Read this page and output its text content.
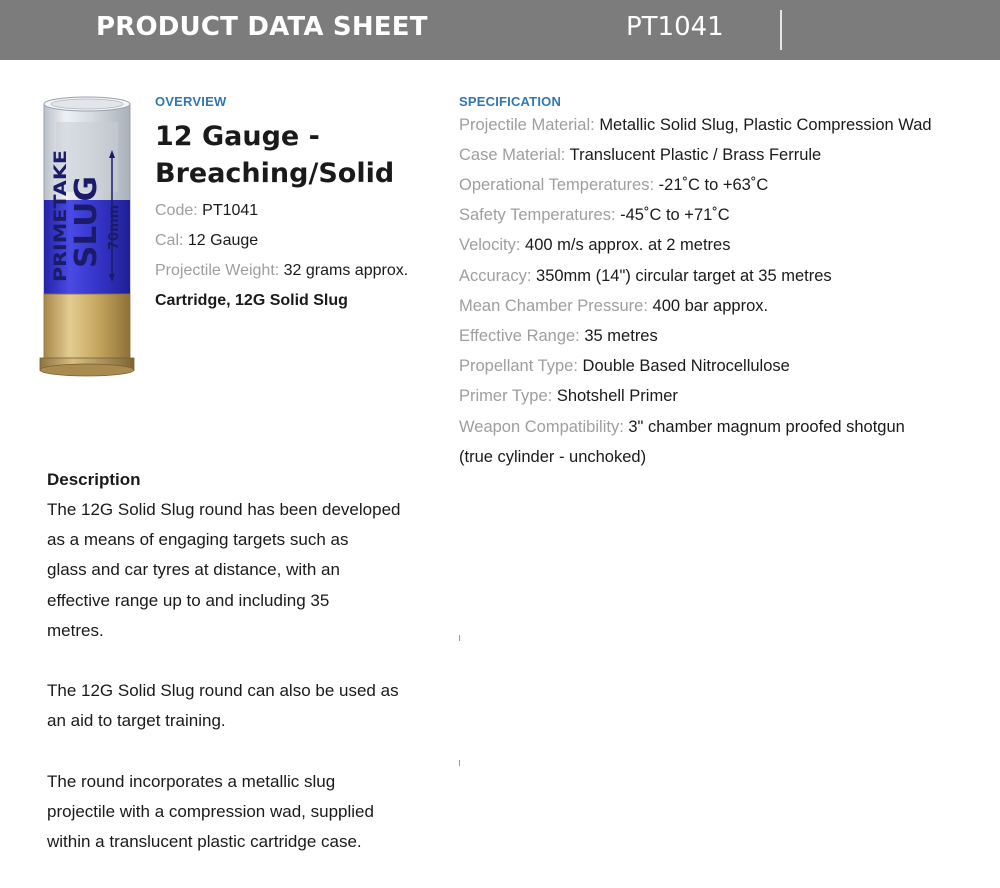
PRODUCT DATA SHEET	PT1041
PRIMETAKE
SLUG 70mm
OVERVIEW
12 Gauge -
Breaching/Solid
Code: PT1041
Cal: 12 Gauge
Projectile Weight: 32 grams approx.
Cartridge, 12G Solid Slug
SPECIFICATION
Projectile Material: Metallic Solid Slug, Plastic Compression Wad
Case Material: Translucent Plastic / Brass Ferrule
Operational Temperatures: -21˚C to +63˚C
Safety Temperatures: -45˚C to +71˚C
Velocity: 400 m/s approx. at 2 metres
Accuracy: 350mm (14") circular target at 35 metres
Mean Chamber Pressure: 400 bar approx.
Effective Range: 35 metres
Propellant Type: Double Based Nitrocellulose
Primer Type: Shotshell Primer
Weapon Compatibility: 3" chamber magnum proofed shotgun
(true cylinder - unchoked)
Description
The 12G Solid Slug round has been developed
as a means of engaging targets such as
glass and car tyres at distance, with an
effective range up to and including 35
metres.
The 12G Solid Slug round can also be used as
an aid to target training.
The round incorporates a metallic slug
projectile with a compression wad, supplied
within a translucent plastic cartridge case.
